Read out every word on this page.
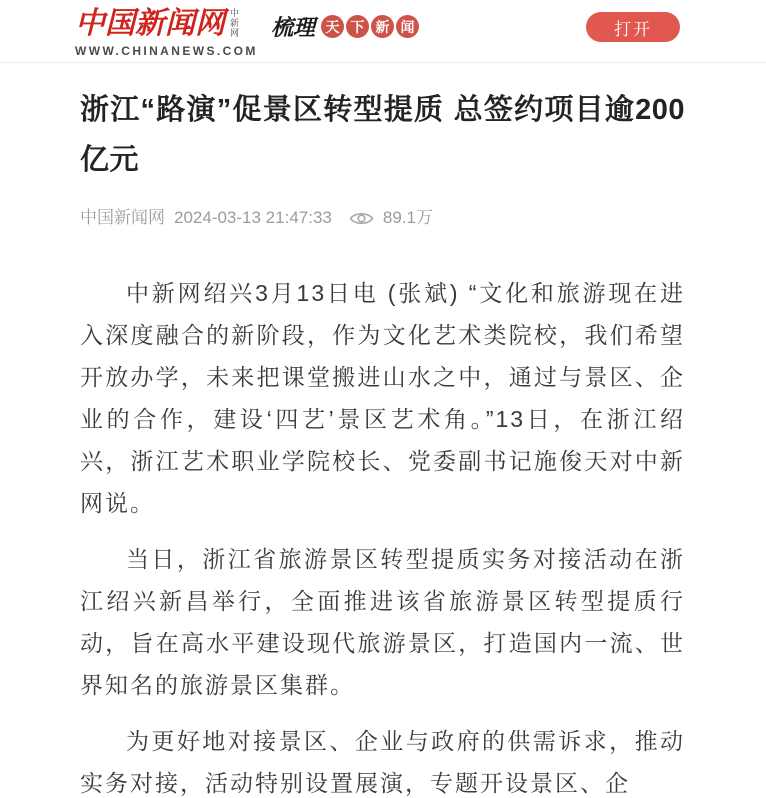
中国新闻网 中新网 梳理 天 下 新 闻
WWW.CHINANEWS.COM
打开
浙江“路演”促景区转型提质 总签约项目逾200亿元
中国新闻网 2024-03-13 21:47:33	89.1万

中新网绍兴3月13日电 (张斌) “文化和旅游现在进入深度融合的新阶段，作为文化艺术类院校，我们希望开放办学，未来把课堂搬进山水之中，通过与景区、企业的合作，建设‘四艺’景区艺术角。”13日，在浙江绍兴，浙江艺术职业学院校长、党委副书记施俊天对中新网说。

当日，浙江省旅游景区转型提质实务对接活动在浙江绍兴新昌举行，全面推进该省旅游景区转型提质行动，旨在高水平建设现代旅游景区，打造国内一流、世界知名的旅游景区集群。

为更好地对接景区、企业与政府的供需诉求，推动实务对接，活动特别设置展演，专题开设景区、企
